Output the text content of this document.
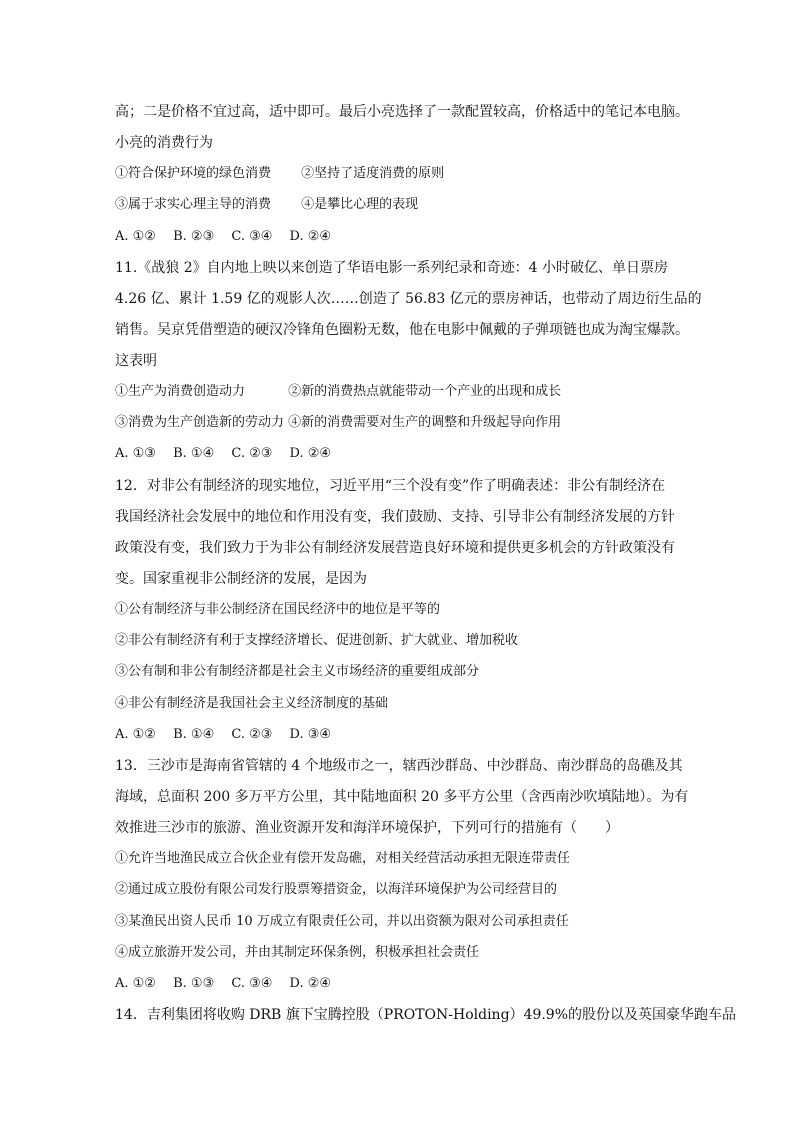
高；二是价格不宜过高，适中即可。最后小亮选择了一款配置较高，价格适中的笔记本电脑。
小亮的消费行为
①符合保护环境的绿色消费　　 ②坚持了适度消费的原则
③属于求实心理主导的消费　　 ④是攀比心理的表现
A. ①②　 B. ②③　 C. ③④　 D. ②④
11.《战狼 2》自内地上映以来创造了华语电影一系列纪录和奇迹：4 小时破亿、单日票房
4.26 亿、累计 1.59 亿的观影人次……创造了 56.83 亿元的票房神话，也带动了周边衍生品的
销售。吴京凭借塑造的硬汉冷锋角色圈粉无数，他在电影中佩戴的子弹项链也成为淘宝爆款。
这表明
①生产为消费创造动力　　　 ②新的消费热点就能带动一个产业的出现和成长
③消费为生产创造新的劳动力 ④新的消费需要对生产的调整和升级起导向作用
A. ①③　 B. ①④　 C. ②③　 D. ②④
12．对非公有制经济的现实地位，习近平用“三个没有变”作了明确表述：非公有制经济在
我国经济社会发展中的地位和作用没有变，我们鼓励、支持、引导非公有制经济发展的方针
政策没有变，我们致力于为非公有制经济发展营造良好环境和提供更多机会的方针政策没有
变。国家重视非公制经济的发展，是因为
①公有制经济与非公制经济在国民经济中的地位是平等的
②非公有制经济有利于支撑经济增长、促进创新、扩大就业、增加税收
③公有制和非公有制经济都是社会主义市场经济的重要组成部分
④非公有制经济是我国社会主义经济制度的基础
A. ①②　 B. ①④　 C. ②③　 D. ③④
13．三沙市是海南省管辖的 4 个地级市之一，辖西沙群岛、中沙群岛、南沙群岛的岛礁及其
海域，总面积 200 多万平方公里，其中陆地面积 20 多平方公里（含西南沙吹填陆地）。为有
效推进三沙市的旅游、渔业资源开发和海洋环境保护，下列可行的措施有（　　）
①允许当地渔民成立合伙企业有偿开发岛礁，对相关经营活动承担无限连带责任
②通过成立股份有限公司发行股票筹措资金，以海洋环境保护为公司经营目的
③某渔民出资人民币 10 万成立有限责任公司，并以出资额为限对公司承担责任
④成立旅游开发公司，并由其制定环保条例，积极承担社会责任
A. ①②　 B. ①③　 C. ③④　 D. ②④
14．吉利集团将收购 DRB 旗下宝腾控股（PROTON-Holding）49.9%的股份以及英国豪华跑车品
